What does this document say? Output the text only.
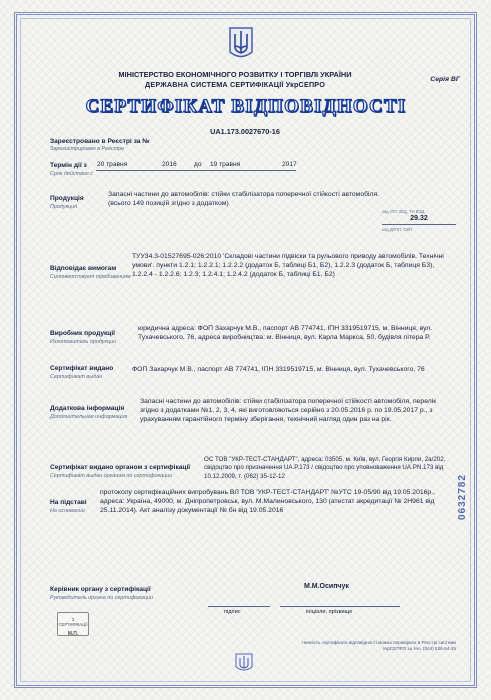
МІНІСТЕРСТВО ЕКОНОМІЧНОГО РОЗВИТКУ І ТОРГІВЛІ УКРАЇНИ
ДЕРЖАВНА СИСТЕМА СЕРТИФІКАЦІЇ УкрСЕПРО
Серія ВГ
СЕРТИФІКАТ ВІДПОВІДНОСТІ
UA1.173.0027670-16
Зареєстровано в Реєстрі за №
Зарегистрирован в Реестре
Термін дії з
Срок действия с
20 травня	2016	до 19 травня	2017
Продукція
Продукция
Запасні частини до автомобілів: стійки стабілізатора поперечної стійкості автомобіля. (всього 149 позицій згідно з додатком)
код УКТ ЗЕД, ТН ВЭД
29.32
код ДКПП, ОКП
Відповідає вимогам
Соответствует требованиям
ТУУ34.3-01527695-026:2010 'Складові частини підвіски та рульового приводу автомобілів. Технічні умови'. пункти 1.2.1; 1.2.2.1; 1.2.2.2 (додаток Б, таблиці Б1, Б2), 1.2.2.3 (додаток Б, таблиця Б3), 1.2.2.4 - 1.2.2.6; 1.2.3; 1.2.4.1; 1.2.4.2 (додаток Б, таблиці Б1, Б2)
Виробник продукції
Изготовитель продукции
юридична адреса: ФОП Захарчук М.В., паспорт АВ 774741, ІПН 3319519715, м. Вінниця, вул. Тухачевського, 76, адреса виробництва: м. Вінниця, вул. Карла Маркса, 50, будівля літера Р.
Сертифікат видано
Сертификат выдан
ФОП Захарчук М.В., паспорт АВ 774741, ІПН 3319519715, м. Вінниця, вул. Тухачевського, 76
Додаткова інформація
Дополнительная информация
Запасні частини до автомобілів: стійки стабілізатора поперечної стійкості автомобіля, перелік згідно з додатками №1, 2, 3, 4, які виготовляються серійно з 20.05.2016 р. по 19.05.2017 р., з урахуванням гарантійного терміну зберігання, технічний нагляд один раз на рік.
Сертифікат видано органом з сертифікації
Сертификат выдан органом по сертификации
ОС ТОВ "УКР-ТЕСТ-СТАНДАРТ", адреса: 03505, м. Київ, вул. Георгія Кирпи, 2а/202, свідоцтво про призначення UA.P.173 / свідоцтво про уповноваження UA.PN.173 від 10.12.2009, т. (062) 35-12-12
На підставі
На основании
протоколу сертифікаційних випробувань ВЛ ТОВ 'УКР-ТЕСТ-СТАНДАРТ' №УТС 19-05/90 від 19.05.2016р., адреса: Україна, 49000, м. Дніпропетровськ, вул. М.Малиновського, 130 (атестат акредитації № 2Н961 від 25.11.2014). Акт аналізу документації № бн від 19.05.2016
Керівник органу з сертифікації
Руководитель органа по сертификации
З СЕРТИФІКАЦІЇ
М.П.
М.М.Осипчук
підпис	ініціали, прізвище
Чинність сертифіката відповідності можна перевірити в Реєстрі системи УкрСЕПРО за тел. (044) 526-54-35
0632782
